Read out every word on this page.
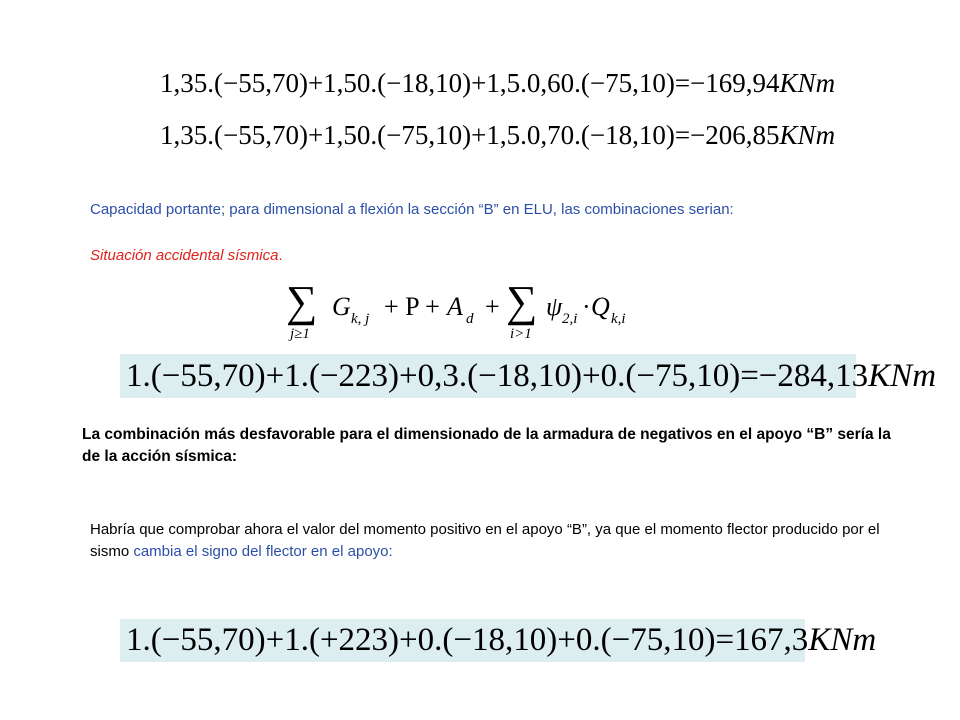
1,35.(−55,70)+1,50.(−18,10)+1,5.0,60.(−75,10)=−169,94KNm
1,35.(−55,70)+1,50.(−75,10)+1,5.0,70.(−18,10)=−206,85KNm
Capacidad portante; para dimensional a flexión la sección “B” en ELU, las combinaciones serian:
Situación accidental sísmica.
∑
j≥1
G k, j + P + A d + ∑
i>1
ψ 2,i · Q k,i
1.(−55,70)+1.(−223)+0,3.(−18,10)+0.(−75,10)=−284,13 KNm
La combinación más desfavorable para el dimensionado de la armadura de negativos en el apoyo “B” sería la de la acción sísmica:
Habría que comprobar ahora el valor del momento positivo en el apoyo “B”, ya que el momento flector producido por el sismo cambia el signo del flector en el apoyo:
1.(−55,70)+1.(+223)+0.(−18,10)+0.(−75,10)=167,3 KNm
